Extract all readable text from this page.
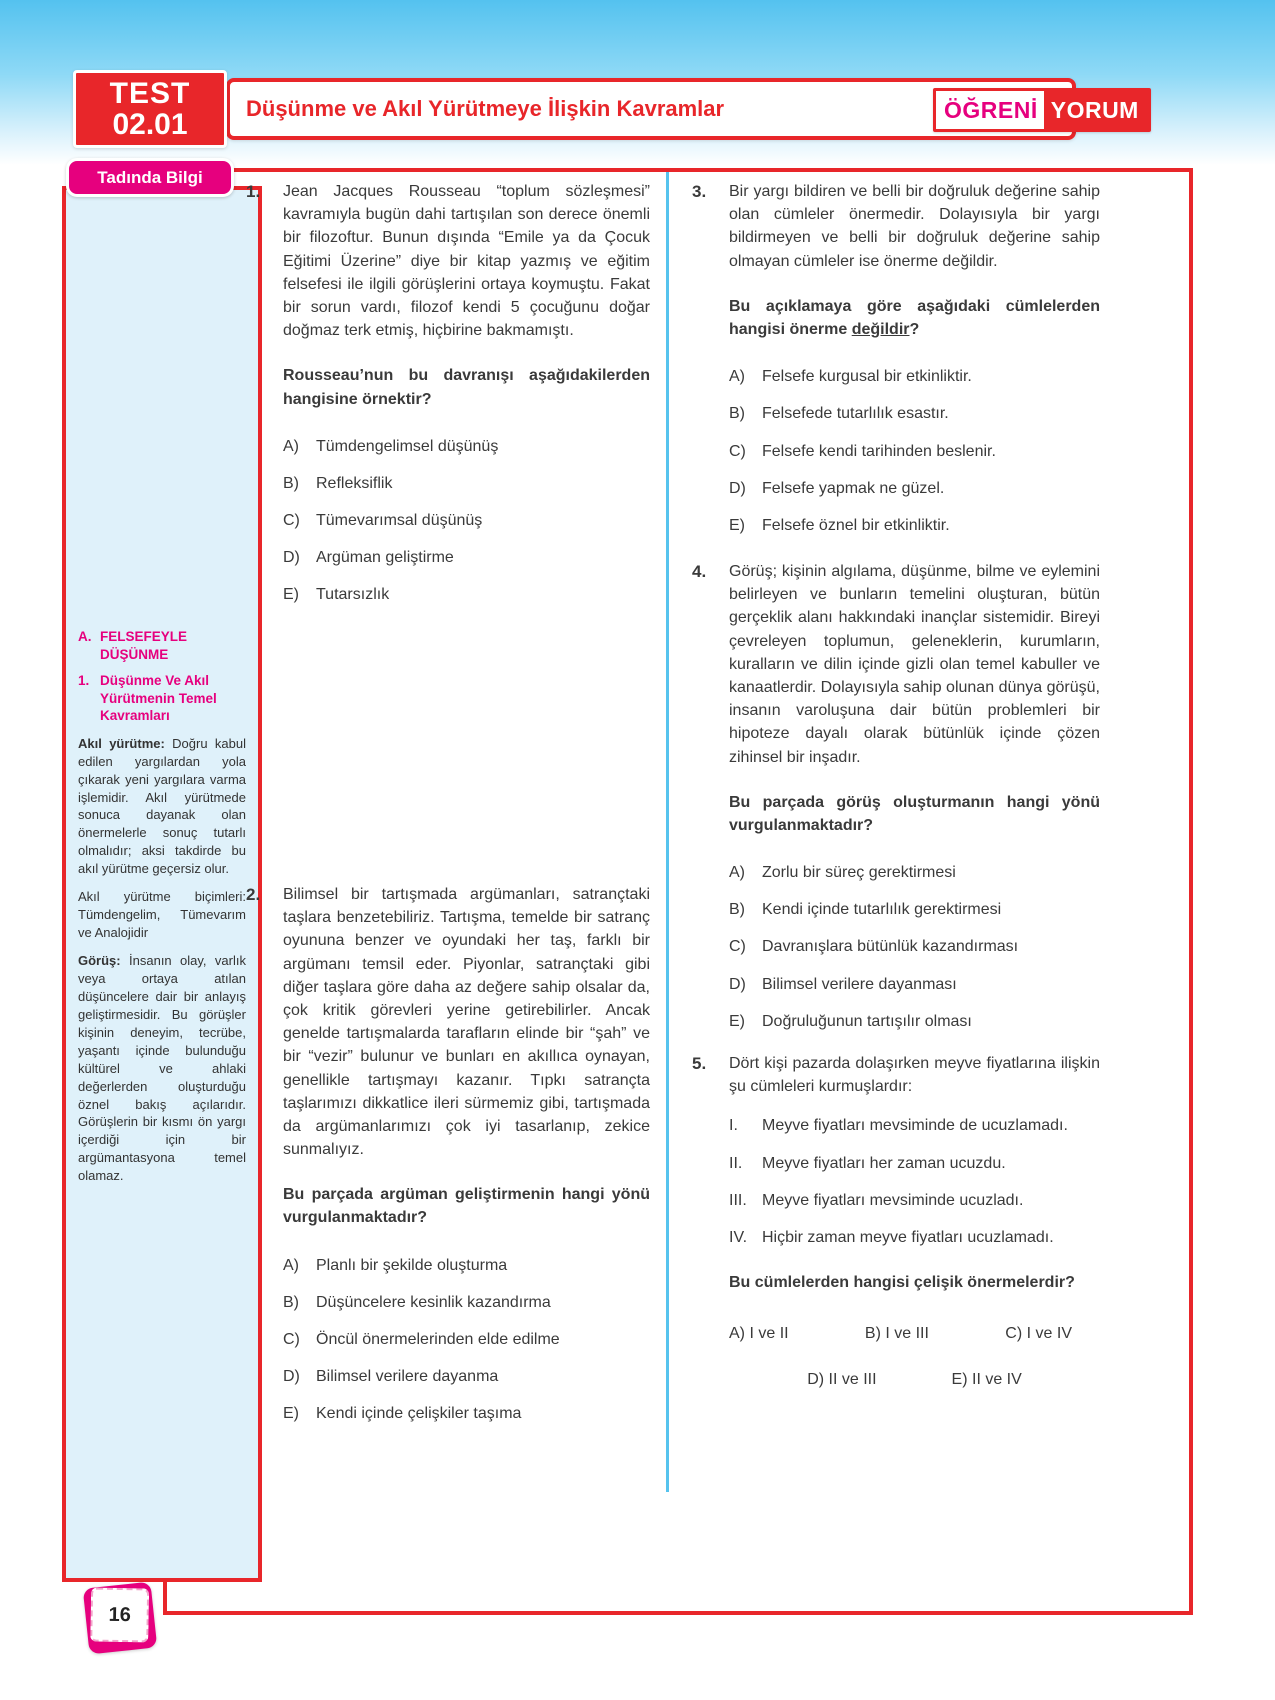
TEST
02.01	Düşünme ve Akıl Yürütmeye İlişkin Kavramlar	ÖĞRENİ YORUM
Tadında Bilgi
A. FELSEFEYLE DÜŞÜNME
1. Düşünme Ve Akıl Yürütmenin Temel Kavramları

Akıl yürütme: Doğru kabul edilen yargılardan yola çıkarak yeni yargılara varma işlemidir. Akıl yürütmede sonuca dayanak olan önermelerle sonuç tutarlı olmalıdır; aksi takdirde bu akıl yürütme geçersiz olur.

Akıl yürütme biçimleri: Tümdengelim, Tümevarım ve Analojidir

Görüş: İnsanın olay, varlık veya ortaya atılan düşüncelere dair bir anlayış geliştirmesidir. Bu görüşler kişinin deneyim, tecrübe, yaşantı içinde bulunduğu kültürel ve ahlaki değerlerden oluşturduğu öznel bakış açılarıdır. Görüşlerin bir kısmı ön yargı içerdiği için bir argümantasyona temel olamaz.

1.	Jean Jacques Rousseau “toplum sözleşmesi” kavramıyla bugün dahi tartışılan son derece önemli bir filozoftur. Bunun dışında “Emile ya da Çocuk Eğitimi Üzerine” diye bir kitap yazmış ve eğitim felsefesi ile ilgili görüşlerini ortaya koymuştu. Fakat bir sorun vardı, filozof kendi 5 çocuğunu doğar doğmaz terk etmiş, hiçbirine bakmamıştı.
Rousseau’nun bu davranışı aşağıdakilerden hangisine örnektir?
A)	Tümdengelimsel düşünüş
B)	Refleksiflik
C)	Tümevarımsal düşünüş
D)	Argüman geliştirme
E)	Tutarsızlık
2.	Bilimsel bir tartışmada argümanları, satrançtaki taşlara benzetebiliriz. Tartışma, temelde bir satranç oyununa benzer ve oyundaki her taş, farklı bir argümanı temsil eder. Piyonlar, satrançtaki gibi diğer taşlara göre daha az değere sahip olsalar da, çok kritik görevleri yerine getirebilirler. Ancak genelde tartışmalarda tarafların elinde bir “şah” ve bir “vezir” bulunur ve bunları en akıllıca oynayan, genellikle tartışmayı kazanır. Tıpkı satrançta taşlarımızı dikkatlice ileri sürmemiz gibi, tartışmada da argümanlarımızı çok iyi tasarlanıp, zekice sunmalıyız.
Bu parçada argüman geliştirmenin hangi yönü vurgulanmaktadır?
A)	Planlı bir şekilde oluşturma
B)	Düşüncelere kesinlik kazandırma
C)	Öncül önermelerinden elde edilme
D)	Bilimsel verilere dayanma
E)	Kendi içinde çelişkiler taşıma
3.	Bir yargı bildiren ve belli bir doğruluk değerine sahip olan cümleler önermedir. Dolayısıyla bir yargı bildirmeyen ve belli bir doğruluk değerine sahip olmayan cümleler ise önerme değildir.
Bu açıklamaya göre aşağıdaki cümlelerden hangisi önerme değildir?
A)	Felsefe kurgusal bir etkinliktir.
B)	Felsefede tutarlılık esastır.
C)	Felsefe kendi tarihinden beslenir.
D)	Felsefe yapmak ne güzel.
E)	Felsefe öznel bir etkinliktir.
4.	Görüş; kişinin algılama, düşünme, bilme ve eylemini belirleyen ve bunların temelini oluşturan, bütün gerçeklik alanı hakkındaki inançlar sistemidir. Bireyi çevreleyen toplumun, geleneklerin, kurumların, kuralların ve dilin içinde gizli olan temel kabuller ve kanaatlerdir. Dolayısıyla sahip olunan dünya görüşü, insanın varoluşuna dair bütün problemleri bir hipoteze dayalı olarak bütünlük içinde çözen zihinsel bir inşadır.
Bu parçada görüş oluşturmanın hangi yönü vurgulanmaktadır?
A)	Zorlu bir süreç gerektirmesi
B)	Kendi içinde tutarlılık gerektirmesi
C)	Davranışlara bütünlük kazandırması
D)	Bilimsel verilere dayanması
E)	Doğruluğunun tartışılır olması
5.	Dört kişi pazarda dolaşırken meyve fiyatlarına ilişkin şu cümleleri kurmuşlardır:
I.	Meyve fiyatları mevsiminde de ucuzlamadı.
II.	Meyve fiyatları her zaman ucuzdu.
III. Meyve fiyatları mevsiminde ucuzladı.
IV. Hiçbir zaman meyve fiyatları ucuzlamadı.
Bu cümlelerden hangisi çelişik önermelerdir?
A) I ve II	B) I ve III	C) I ve IV
D) II ve III	E) II ve IV
16
